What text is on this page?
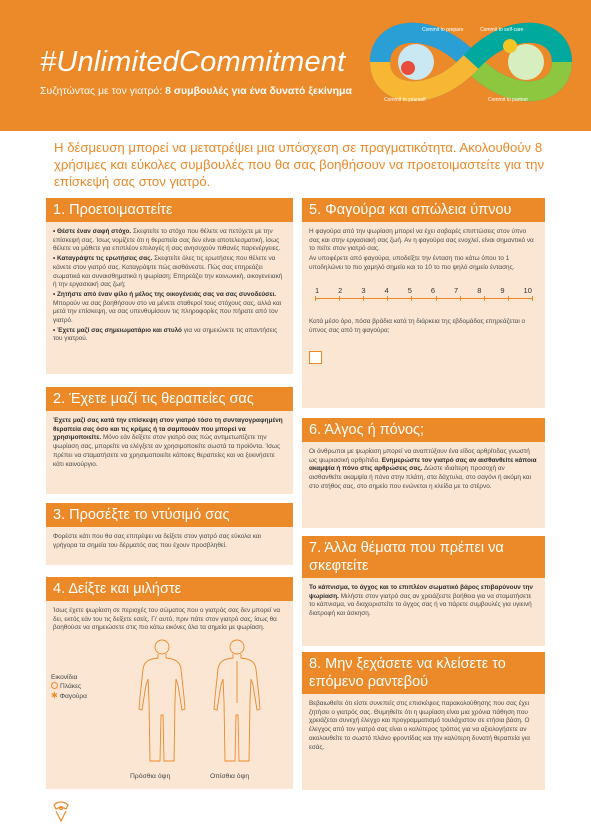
#UnlimitedCommitment
Συζητώντας με τον γιατρό: 8 συμβουλές για ένα δυνατό ξεκίνημα
Commit to prepare	Commit to self-care
Commit to yourself	Commit to partner
Η δέσμευση μπορεί να μετατρέψει μια υπόσχεση σε πραγματικότητα. Ακολουθούν 8 χρήσιμες και εύκολες συμβουλές που θα σας βοηθήσουν να προετοιμαστείτε για την επίσκεψή σας στον γιατρό.
1. Προετοιμαστείτε

• Θέστε έναν σαφή στόχο. Σκεφτείτε το στόχο που θέλετε να πετύχετε με την επίσκεψή σας. Ίσως νομίζετε ότι η θεραπεία σας δεν είναι αποτελεσματική, ίσως θέλετε να μάθετε για επιπλέον επιλογές ή σας ανησυχούν πιθανές παρενέργειες.

• Καταγράψτε τις ερωτήσεις σας. Σκεφτείτε όλες τις ερωτήσεις που θέλετε να κάνετε στον γιατρό σας. Καταγράψτε πώς αισθάνεστε. Πώς σας επηρεάζει σωματικά και συναισθηματικά η ψωρίαση; Επηρεάζει την κοινωνική, οικογενειακή ή την εργασιακή σας ζωή;

• Ζητήστε από έναν φίλο ή μέλος της οικογένειάς σας να σας συνοδεύσει. Μπορούν να σας βοηθήσουν στο να μένετε σταθεροί τους στόχους σας, αλλά και μετά την επίσκεψη, να σας υπενθυμίσουν τις πληροφορίες που πήρατε από τον γιατρό.

• Έχετε μαζί σας σημειωματάριο και στυλό για να σημειώνετε τις απαντήσεις του γιατρού.

2. Έχετε μαζί τις θεραπείες σας

Έχετε μαζί σας κατά την επίσκεψη στον γιατρό τόσο τη συνταγογραφημένη θεραπεία σας όσο και τις κρέμες ή τα σαμπουάν που μπορεί να χρησιμοποιείτε. Μόνο εάν δείξετε στον γιατρό σας πώς αντιμετωπίζετε την ψωρίαση σας, μπορείτε να ελέγξετε αν χρησιμοποιείτε σωστά τα προϊόντα. Ίσως πρέπει να σταματήσετε να χρησιμοποιείτε κάποιες θεραπείες και να ξεκινήσετε κάτι καινούργιο.

3. Προσέξτε το ντύσιμό σας

Φορέστε κάτι που θα σας επιτρέψει να δείξετε στον γιατρό σας εύκολα και γρήγορα τα σημεία του δέρματός σας που έχουν προσβληθεί.

4. Δείξτε και μιλήστε

Ίσως έχετε ψωρίαση σε περιοχές του σώματος που ο γιατρός σας δεν μπορεί να δει, εκτός εάν του τις δείξετε εσείς. Γι' αυτό, πριν πάτε στον γιατρό σας, ίσως θα βοηθούσε να σημειώσετε στις πιο κάτω εικόνες όλα τα σημεία με ψωρίαση.

Εικονίδια
Πλάκες
✱ Φαγούρα
Πρόσθια όψη	Οπίσθια όψη
5. Φαγούρα και απώλεια ύπνου

Η φαγούρα από την ψωρίαση μπορεί να έχει σοβαρές επιπτώσεις στον ύπνο σας και στην εργασιακή σας ζωή. Αν η φαγούρα σας ενοχλεί, είναι σημαντικό να το πείτε στον γιατρό σας.

Αν υποφέρετε από φαγούρα, υποδείξτε την ένταση πιο κάτω όπου το 1 υποδηλώνει το πιο χαμηλό σημείο και το 10 το πιο ψηλό σημείο έντασης.

1	2	3	4	5	6	7	8	9	10

Κατά μέσο όρο, πόσα βράδια κατά τη διάρκεια της εβδομάδας επηρεάζεται ο ύπνος σας από τη φαγούρα;

6. Άλγος ή πόνος;

Οι άνθρωποι με ψωρίαση μπορεί να αναπτύξουν ένα είδος αρθρίτιδας γνωστή ως ψωριασική αρθρίτιδα. Ενημερώστε τον γιατρό σας αν αισθανθείτε κάποια ακαμψία ή πόνο στις αρθρώσεις σας. Δώστε ιδιαίτερη προσοχή αν αισθανθείτε ακαμψία ή πόνο στην πλάτη, στα δάχτυλα, στο σαγόνι ή ακόμη και στο στήθος σας, στο σημείο που ενώνεται η κλείδα με το στέρνο.

7. Άλλα θέματα που πρέπει να σκεφτείτε

Το κάπνισμα, το άγχος και το επιπλέον σωματικό βάρος επιβαρύνουν την ψωρίαση. Μιλήστε στον γιατρό σας αν χρειάζεστε βοήθεια για να σταματήσετε το κάπνισμα, να διαχειριστείτε το άγχος σας ή να πάρετε συμβουλές για υγιεινή διατροφή και άσκηση.

8. Μην ξεχάσετε να κλείσετε το επόμενο ραντεβού

Βεβαιωθείτε ότι είστε συνεπείς στις επισκέψεις παρακολούθησης που σας έχει ζητήσει ο γιατρός σας. Θυμηθείτε ότι η ψωρίαση είναι μια χρόνια πάθηση που χρειάζεται συνεχή έλεγχο και προγραμματισμό τουλάχιστον σε ετήσια βάση. Ο έλεγχος από τον γιατρό σας είναι ο καλύτερος τρόπος για να αξιολογήσετε αν ακολουθείτε το σωστό πλάνο φροντίδας και την καλύτερη δυνατή θεραπεία για εσάς.
